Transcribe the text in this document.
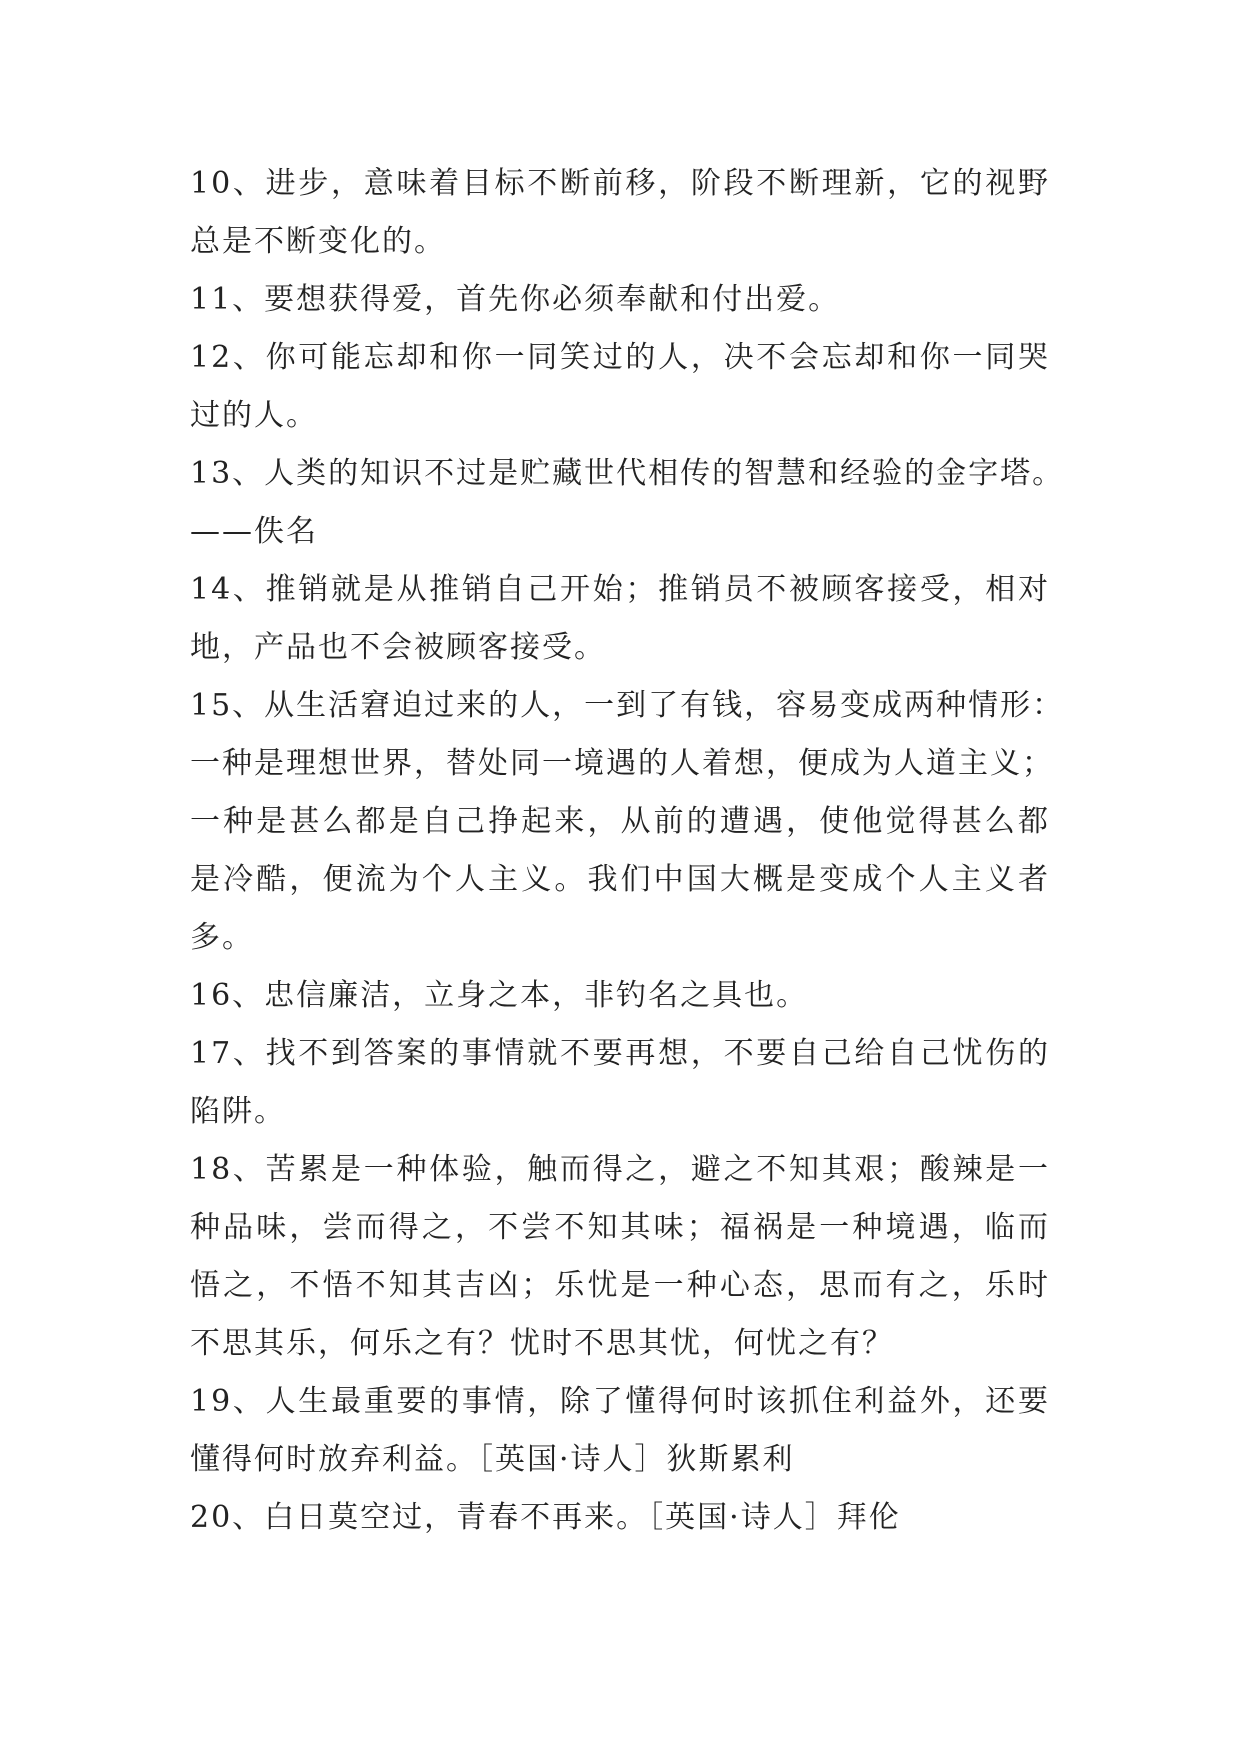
10、进步，意味着目标不断前移，阶段不断理新，它的视野
总是不断变化的。
11、要想获得爱，首先你必须奉献和付出爱。
12、你可能忘却和你一同笑过的人，决不会忘却和你一同哭
过的人。
13、人类的知识不过是贮藏世代相传的智慧和经验的金字塔。
——佚名
14、推销就是从推销自己开始；推销员不被顾客接受，相对
地，产品也不会被顾客接受。
15、从生活窘迫过来的人，一到了有钱，容易变成两种情形：
一种是理想世界，替处同一境遇的人着想，便成为人道主义；
一种是甚么都是自己挣起来，从前的遭遇，使他觉得甚么都
是冷酷，便流为个人主义。我们中国大概是变成个人主义者
多。
16、忠信廉洁，立身之本，非钓名之具也。
17、找不到答案的事情就不要再想，不要自己给自己忧伤的
陷阱。
18、苦累是一种体验，触而得之，避之不知其艰；酸辣是一
种品味，尝而得之，不尝不知其味；福祸是一种境遇，临而
悟之，不悟不知其吉凶；乐忧是一种心态，思而有之，乐时
不思其乐，何乐之有？忧时不思其忧，何忧之有？
19、人生最重要的事情，除了懂得何时该抓住利益外，还要
懂得何时放弃利益。［英国·诗人］狄斯累利
20、白日莫空过，青春不再来。［英国·诗人］拜伦
